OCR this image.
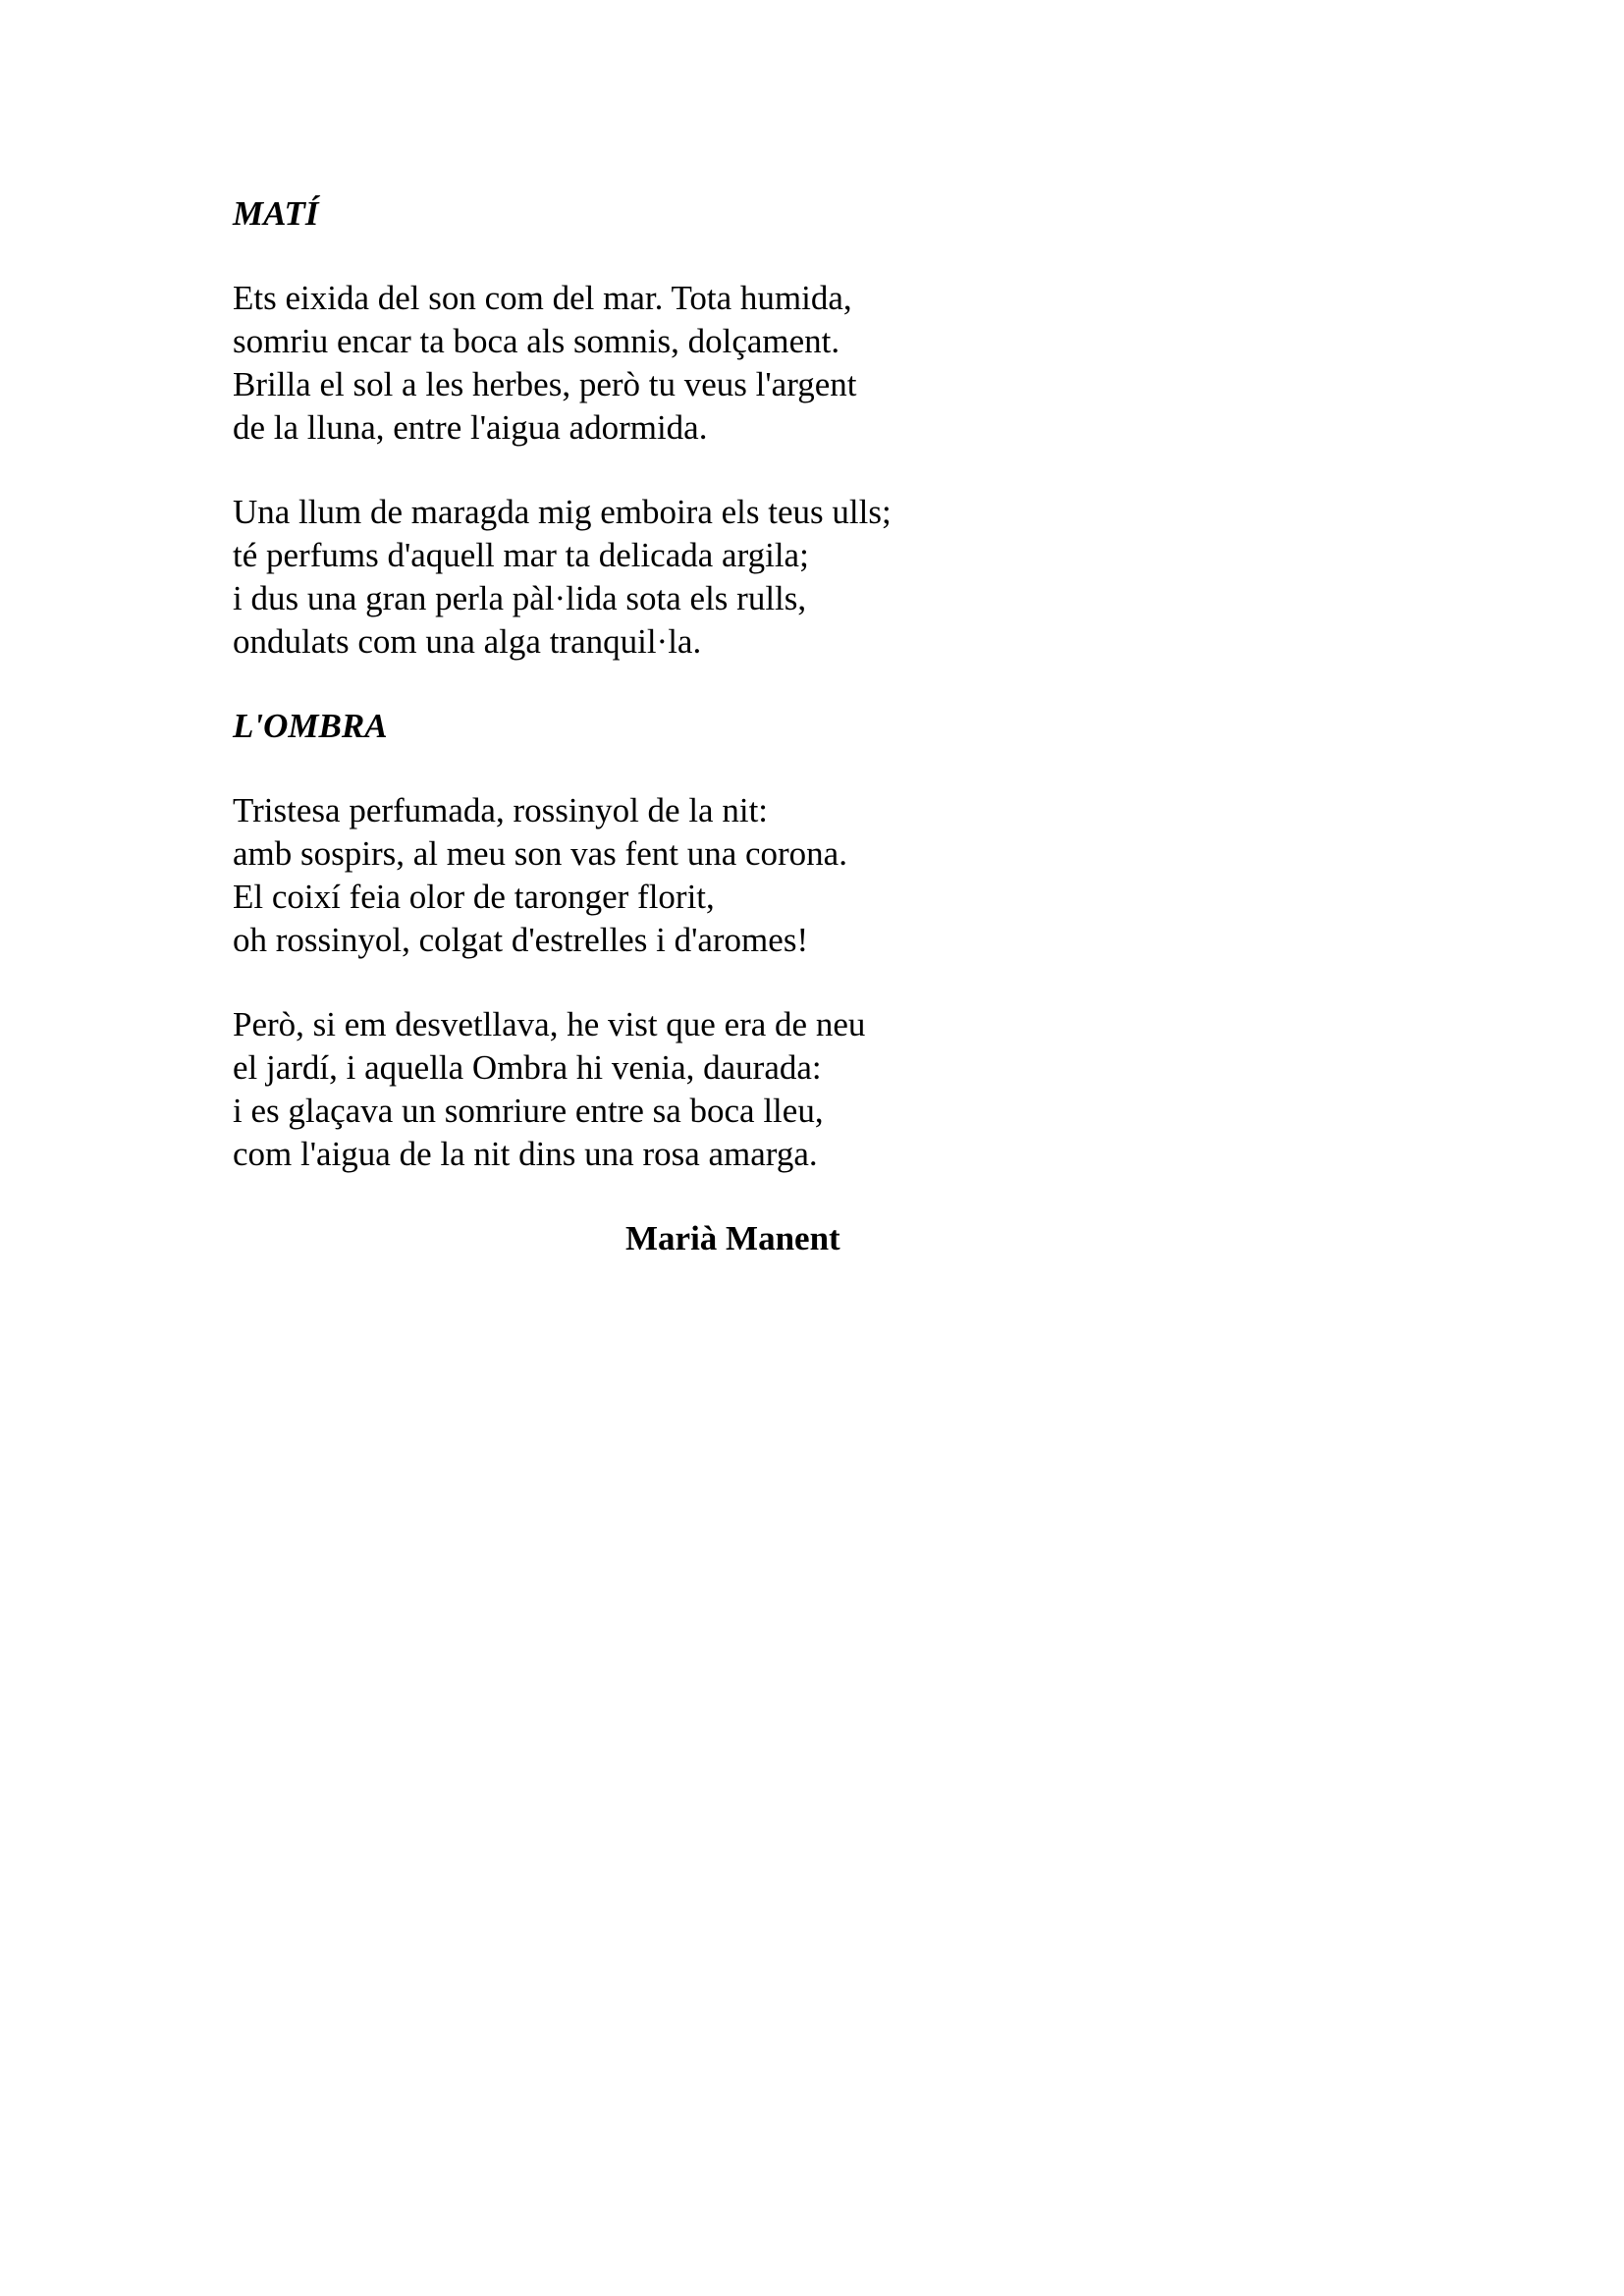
MATÍ

Ets eixida del son com del mar. Tota humida,
somriu encar ta boca als somnis, dolçament.
Brilla el sol a les herbes, però tu veus l'argent
de la lluna, entre l'aigua adormida.

Una llum de maragda mig emboira els teus ulls;
té perfums d'aquell mar ta delicada argila;
i dus una gran perla pàl·lida sota els rulls,
ondulats com una alga tranquil·la.

L'OMBRA

Tristesa perfumada, rossinyol de la nit:
amb sospirs, al meu son vas fent una corona.
El coixí feia olor de taronger florit,
oh rossinyol, colgat d'estrelles i d'aromes!

Però, si em desvetllava, he vist que era de neu
el jardí, i aquella Ombra hi venia, daurada:
i es glaçava un somriure entre sa boca lleu,
com l'aigua de la nit dins una rosa amarga.

Marià Manent
